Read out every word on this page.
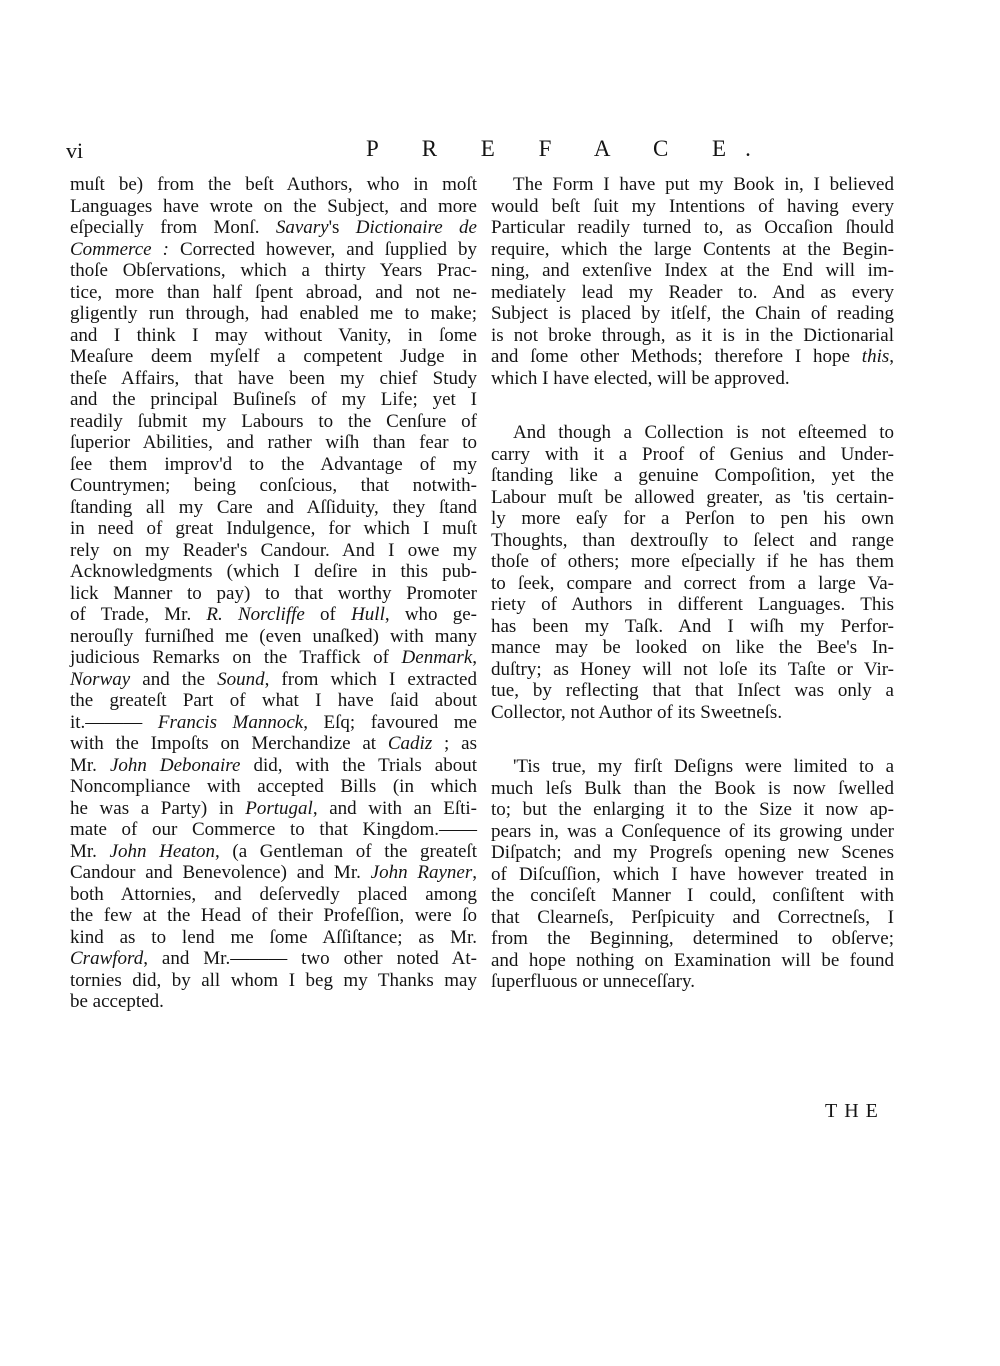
vi	P R E F A C E.
muſt be) from the beſt Authors, who in moſt
Languages have wrote on the Subject, and more
eſpecially from Monſ. Savary's Dictionaire de
Commerce : Corrected however, and ſupplied by
thoſe Obſervations, which a thirty Years Prac-
tice, more than half ſpent abroad, and not ne-
gligently run through, had enabled me to make;
and I think I may without Vanity, in ſome
Meaſure deem myſelf a competent Judge in
theſe Affairs, that have been my chief Study
and the principal Buſineſs of my Life; yet I
readily ſubmit my Labours to the Cenſure of
ſuperior Abilities, and rather wiſh than fear to
ſee them improv'd to the Advantage of my
Countrymen; being conſcious, that notwith-
ſtanding all my Care and Aſſiduity, they ſtand
in need of great Indulgence, for which I muſt
rely on my Reader's Candour. And I owe my
Acknowledgments (which I deſire in this pub-
lick Manner to pay) to that worthy Promoter
of Trade, Mr. R. Norcliffe of Hull, who ge-
nerouſly furniſhed me (even unaſked) with many
judicious Remarks on the Traffick of Denmark,
Norway and the Sound, from which I extracted
the greateſt Part of what I have ſaid about
it.——— Francis Mannock, Eſq; favoured me
with the Impoſts on Merchandize at Cadiz ; as
Mr. John Debonaire did, with the Trials about
Noncompliance with accepted Bills (in which
he was a Party) in Portugal, and with an Eſti-
mate of our Commerce to that Kingdom.——
Mr. John Heaton, (a Gentleman of the greateſt
Candour and Benevolence) and Mr. John Rayner,
both Attornies, and deſervedly placed among
the few at the Head of their Profeſſion, were ſo
kind as to lend me ſome Aſſiſtance; as Mr.
Crawford, and Mr.——— two other noted At-
tornies did, by all whom I beg my Thanks may
be accepted.
The Form I have put my Book in, I believed
would beſt ſuit my Intentions of having every
Particular readily turned to, as Occaſion ſhould
require, which the large Contents at the Begin-
ning, and extenſive Index at the End will im-
mediately lead my Reader to. And as every
Subject is placed by itſelf, the Chain of reading
is not broke through, as it is in the Dictionarial
and ſome other Methods; therefore I hope this,
which I have elected, will be approved.
And though a Collection is not eſteemed to
carry with it a Proof of Genius and Under-
ſtanding like a genuine Compoſition, yet the
Labour muſt be allowed greater, as 'tis certain-
ly more eaſy for a Perſon to pen his own
Thoughts, than dextrouſly to ſelect and range
thoſe of others; more eſpecially if he has them
to ſeek, compare and correct from a large Va-
riety of Authors in different Languages. This
has been my Taſk. And I wiſh my Perfor-
mance may be looked on like the Bee's In-
duſtry; as Honey will not loſe its Taſte or Vir-
tue, by reflecting that that Inſect was only a
Collector, not Author of its Sweetneſs.
'Tis true, my firſt Deſigns were limited to a
much leſs Bulk than the Book is now ſwelled
to; but the enlarging it to the Size it now ap-
pears in, was a Conſequence of its growing under
Diſpatch; and my Progreſs opening new Scenes
of Diſcuſſion, which I have however treated in
the conciſeſt Manner I could, conſiſtent with
that Clearneſs, Perſpicuity and Correctneſs, I
from the Beginning, determined to obſerve;
and hope nothing on Examination will be found
ſuperfluous or unneceſſary.
THE
